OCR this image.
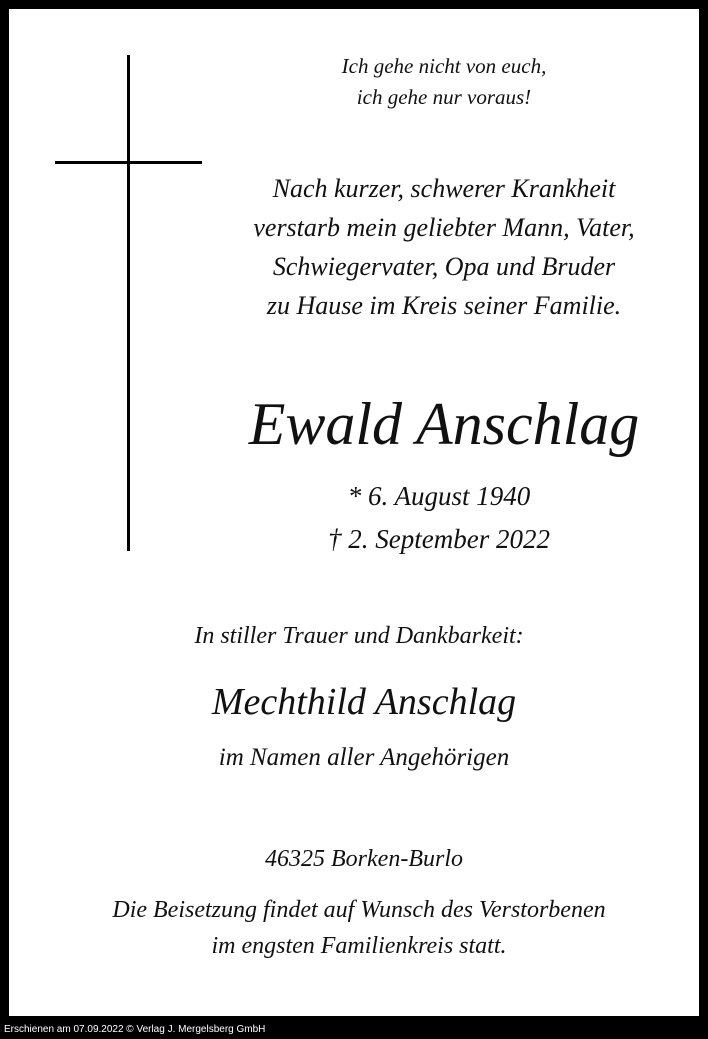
Ich gehe nicht von euch,
ich gehe nur voraus!

Nach kurzer, schwerer Krankheit
verstarb mein geliebter Mann, Vater,
Schwiegervater, Opa und Bruder
zu Hause im Kreis seiner Familie.

Ewald Anschlag

* 6. August 1940
† 2. September 2022

In stiller Trauer und Dankbarkeit:

Mechthild Anschlag

im Namen aller Angehörigen

46325 Borken-Burlo

Die Beisetzung findet auf Wunsch des Verstorbenen
im engsten Familienkreis statt.

Erschienen am 07.09.2022 © Verlag J. Mergelsberg GmbH
